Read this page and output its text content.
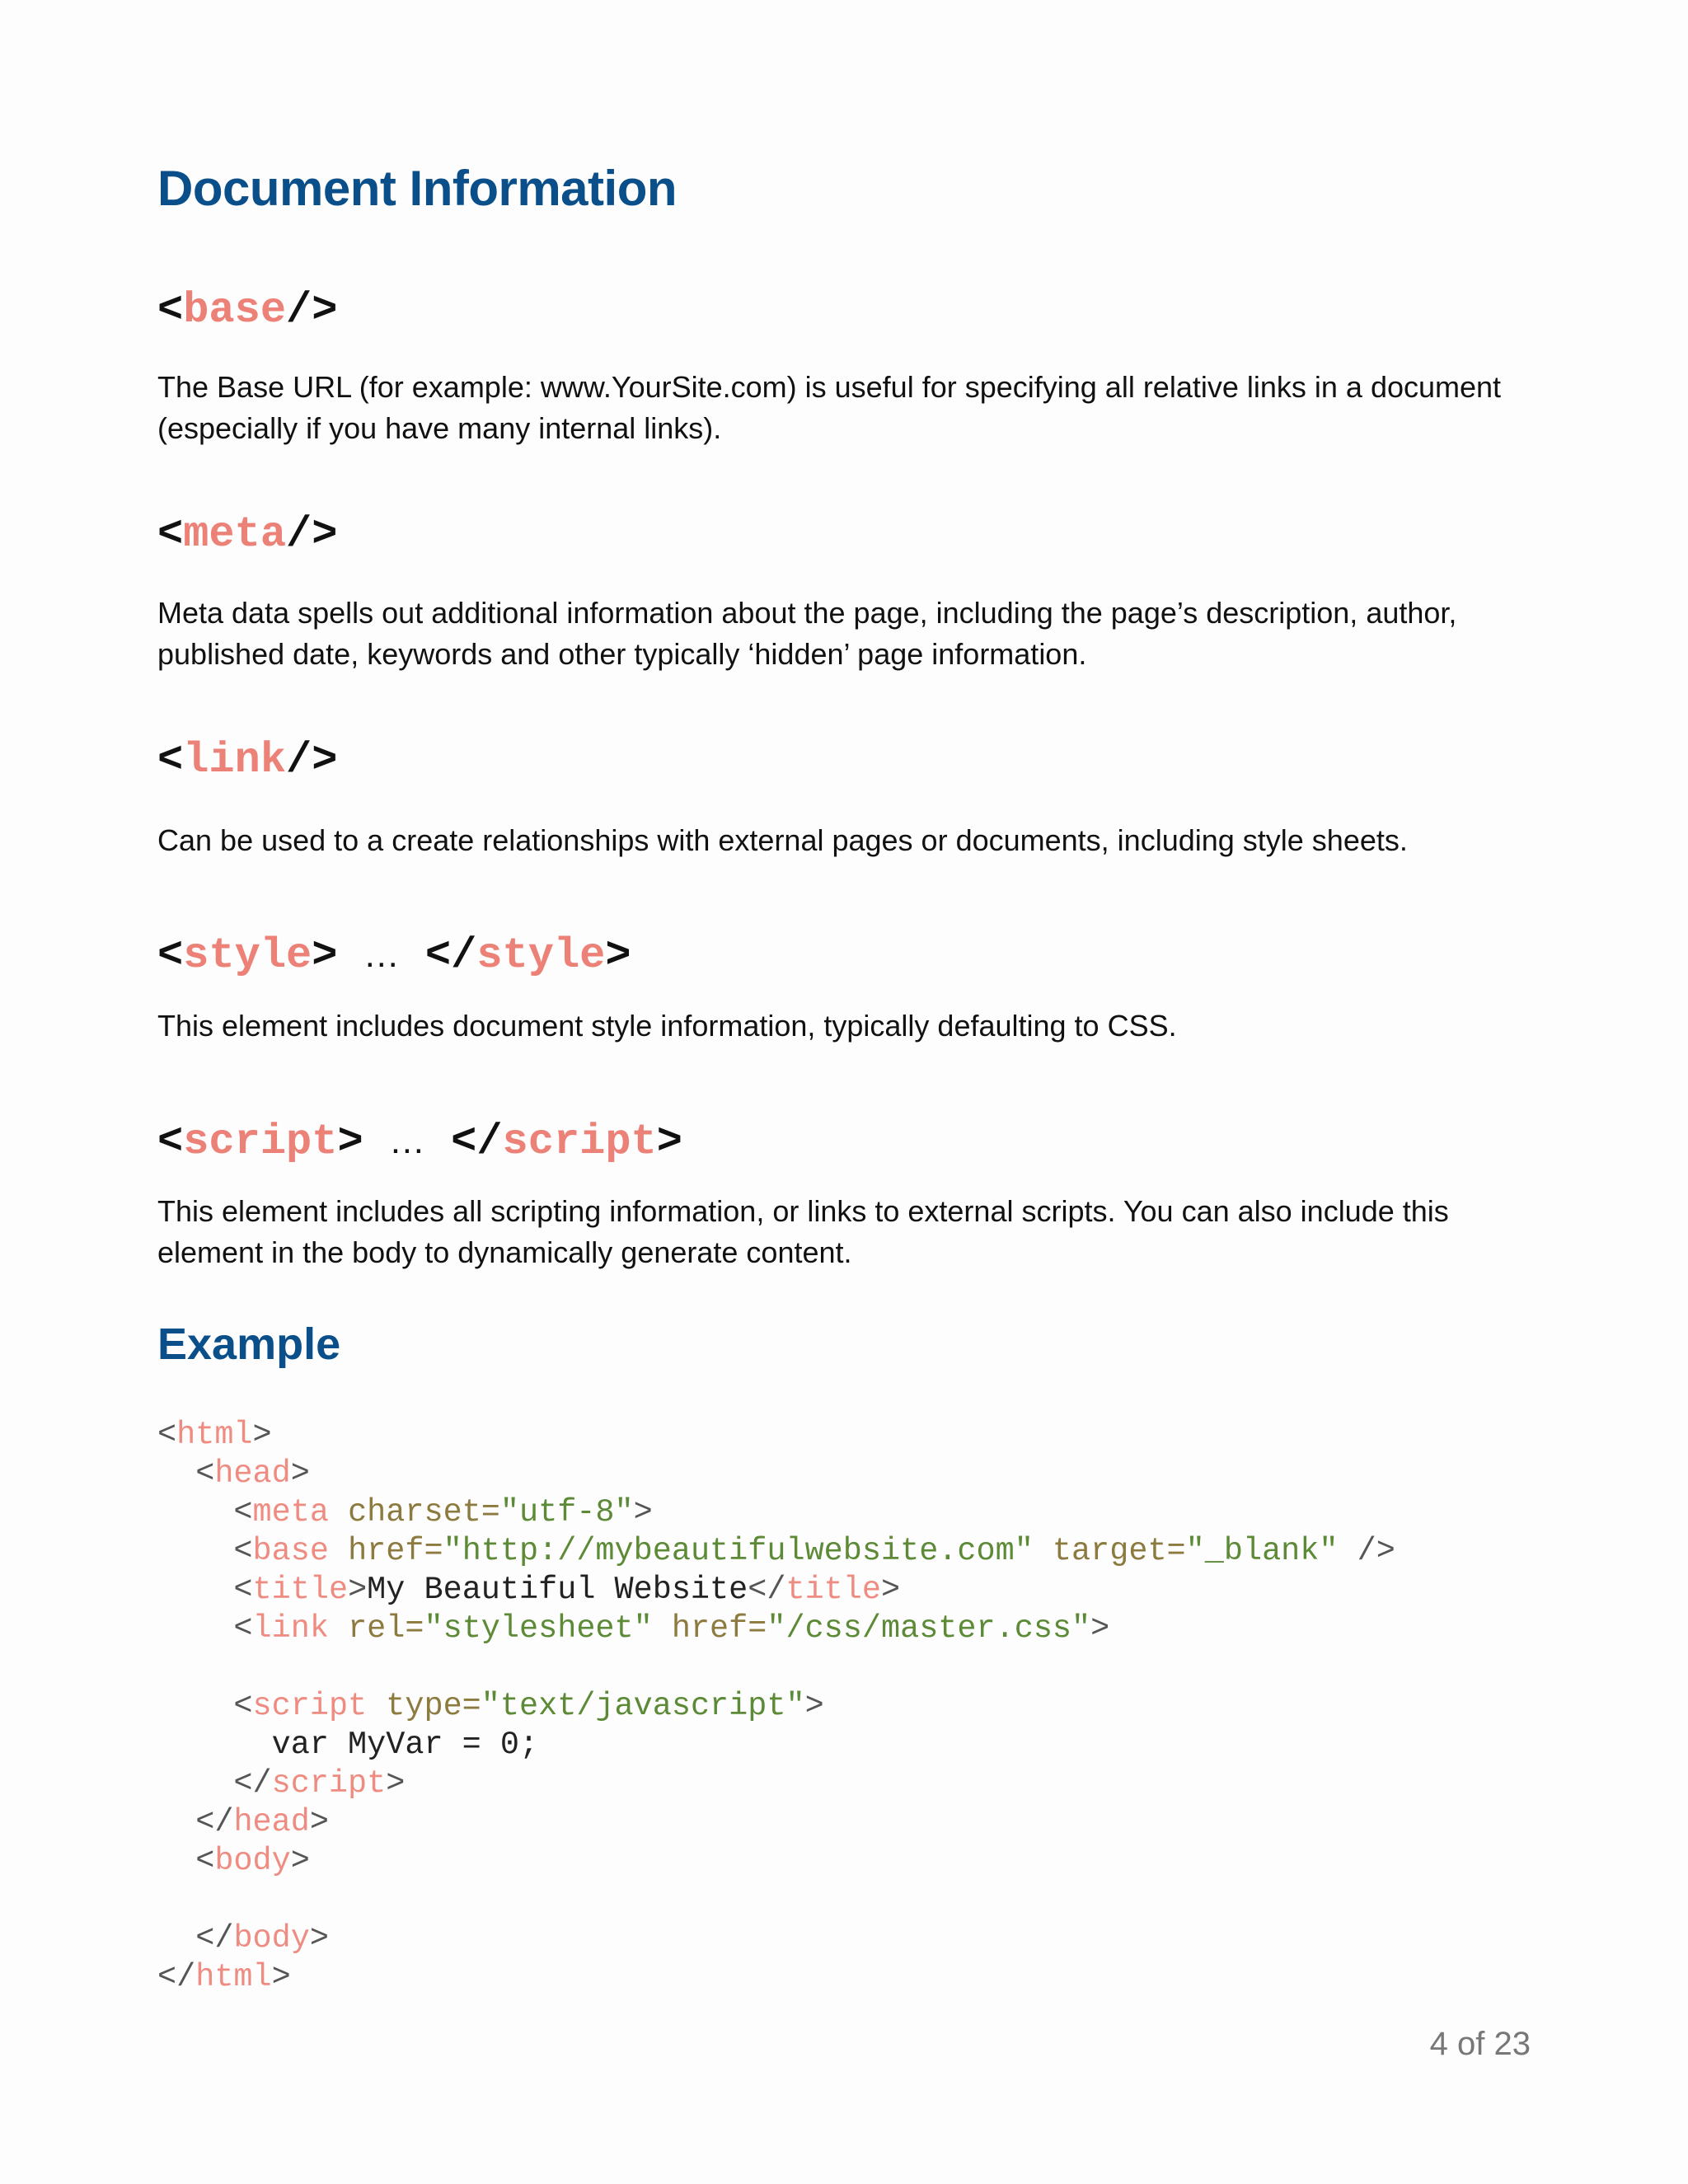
Document Information
<base/>

The Base URL (for example: www.YourSite.com) is useful for specifying all relative links in a document (especially if you have many internal links).

<meta/>

Meta data spells out additional information about the page, including the page’s description, author, published date, keywords and other typically ‘hidden’ page information.

<link/>

Can be used to a create relationships with external pages or documents, including style sheets.

<style> … </style>

This element includes document style information, typically defaulting to CSS.

<script> … </script>

This element includes all scripting information, or links to external scripts. You can also include this element in the body to dynamically generate content.

Example
<html>
<head>
<meta charset="utf-8">
<base href="http://mybeautifulwebsite.com" target="_blank" />
<title>My Beautiful Website</title>
<link rel="stylesheet" href="/css/master.css">

<script type="text/javascript">
var MyVar = 0;
</script>
</head>
<body>

</body>
</html>

4 of 23
